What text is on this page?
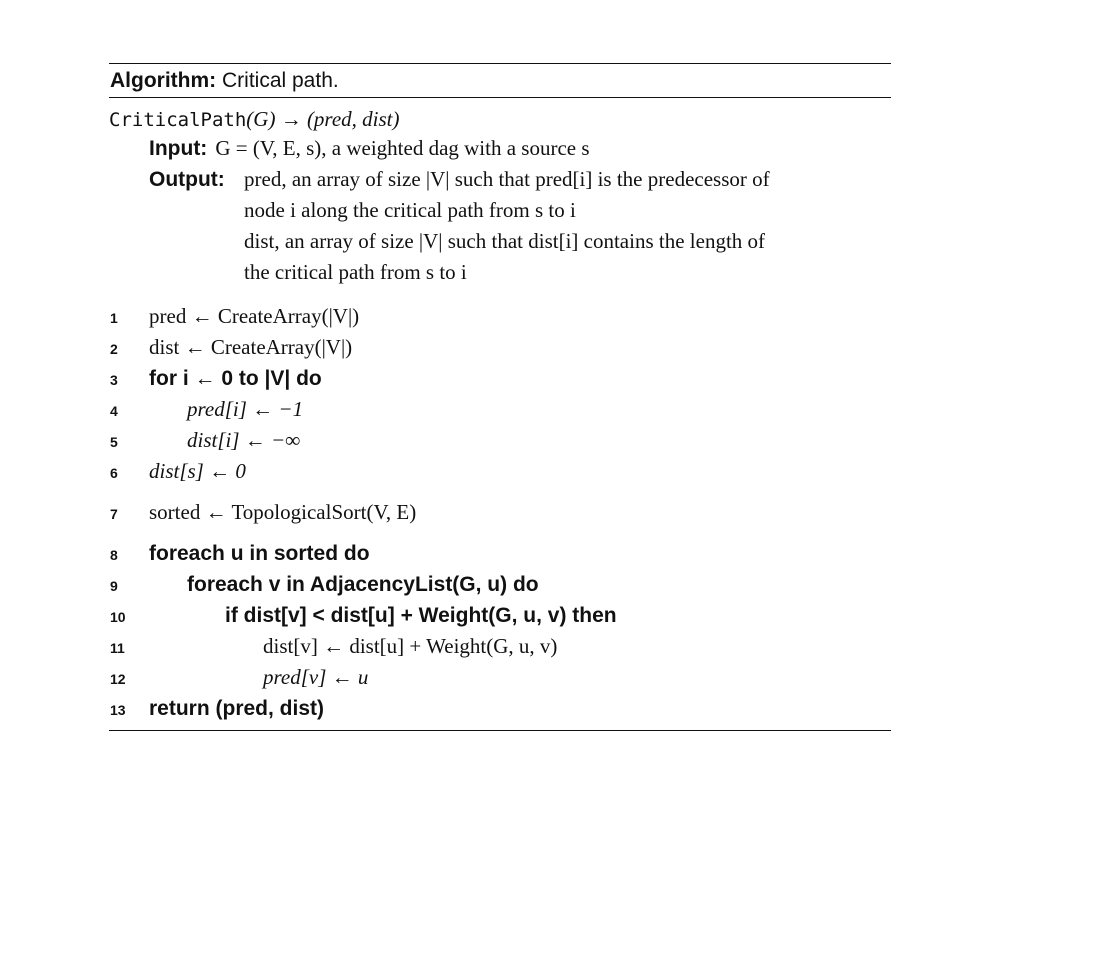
Algorithm: Critical path.
CriticalPath(G) → (pred, dist)
Input: G = (V, E, s), a weighted dag with a source s
Output: pred, an array of size |V| such that pred[i] is the predecessor of
node i along the critical path from s to i
dist, an array of size |V| such that dist[i] contains the length of
the critical path from s to i
1	pred ← CreateArray(|V|)
2	dist ← CreateArray(|V|)
3	for i ← 0 to |V| do
4	pred[i] ← −1
5	dist[i] ← −∞
6	dist[s] ← 0
7	sorted ← TopologicalSort(V, E)
8	foreach u in sorted do
9	foreach v in AdjacencyList(G, u) do
10	if dist[v] < dist[u] + Weight(G, u, v) then
11	dist[v] ← dist[u] + Weight(G, u, v)
12	pred[v] ← u
13	return (pred, dist)
